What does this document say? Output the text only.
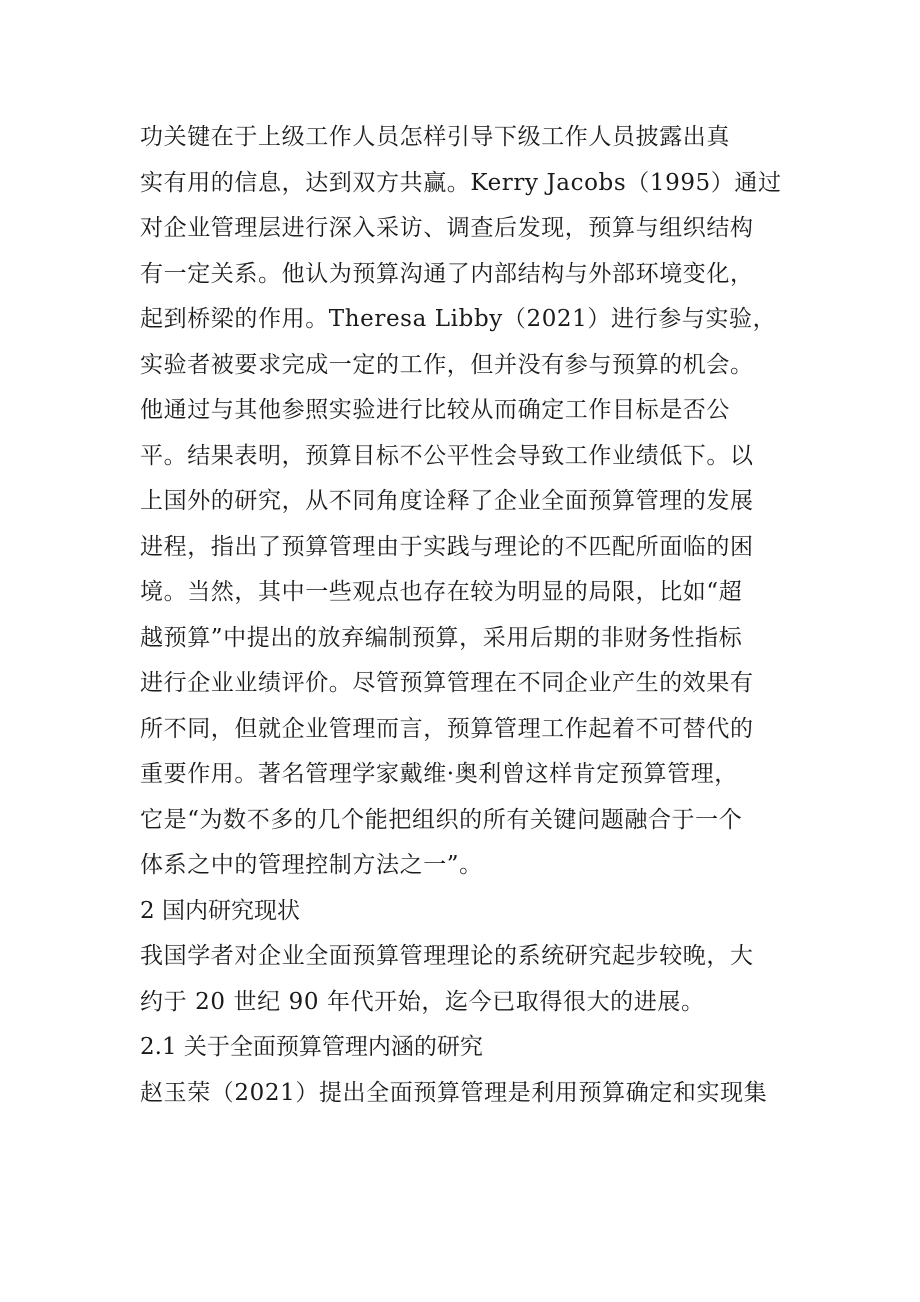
功关键在于上级工作人员怎样引导下级工作人员披露出真
实有用的信息，达到双方共赢。Kerry Jacobs（1995）通过
对企业管理层进行深入采访、调查后发现，预算与组织结构
有一定关系。他认为预算沟通了内部结构与外部环境变化，
起到桥梁的作用。Theresa Libby（2021）进行参与实验，
实验者被要求完成一定的工作，但并没有参与预算的机会。
他通过与其他参照实验进行比较从而确定工作目标是否公
平。结果表明，预算目标不公平性会导致工作业绩低下。以
上国外的研究，从不同角度诠释了企业全面预算管理的发展
进程，指出了预算管理由于实践与理论的不匹配所面临的困
境。当然，其中一些观点也存在较为明显的局限，比如“超
越预算”中提出的放弃编制预算，采用后期的非财务性指标
进行企业业绩评价。尽管预算管理在不同企业产生的效果有
所不同，但就企业管理而言，预算管理工作起着不可替代的
重要作用。著名管理学家戴维·奥利曾这样肯定预算管理，
它是“为数不多的几个能把组织的所有关键问题融合于一个
体系之中的管理控制方法之一”。
2 国内研究现状
我国学者对企业全面预算管理理论的系统研究起步较晚，大
约于 20 世纪 90 年代开始，迄今已取得很大的进展。
2.1 关于全面预算管理内涵的研究
赵玉荣（2021）提出全面预算管理是利用预算确定和实现集
